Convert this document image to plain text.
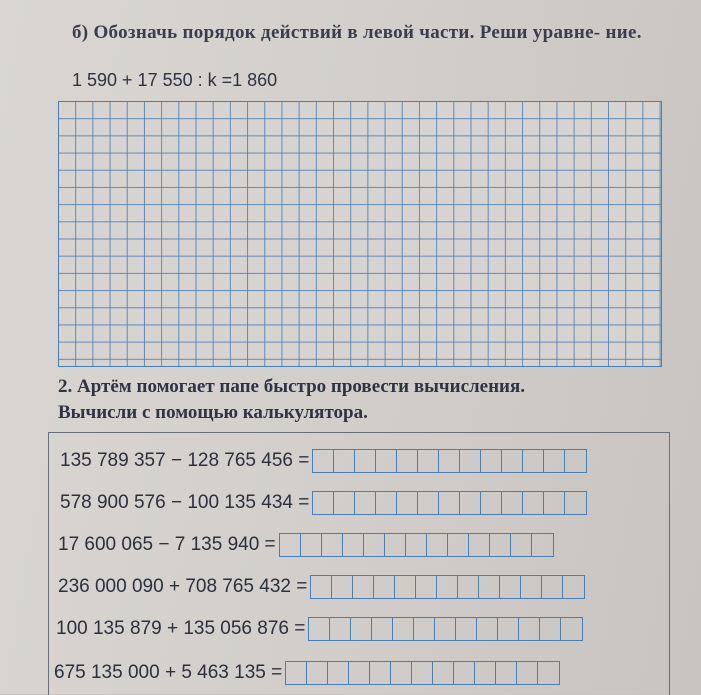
б) Обозначь порядок действий в левой части. Реши уравне- ние.
1 590 + 17 550 : k =1 860
2. Артём помогает папе быстро провести вычисления.
Вычисли с помощью калькулятора.
135 789 357 − 128 765 456 =
578 900 576 − 100 135 434 =
17 600 065 − 7 135 940 =
236 000 090 + 708 765 432 =
100 135 879 + 135 056 876 =
675 135 000 + 5 463 135 =
